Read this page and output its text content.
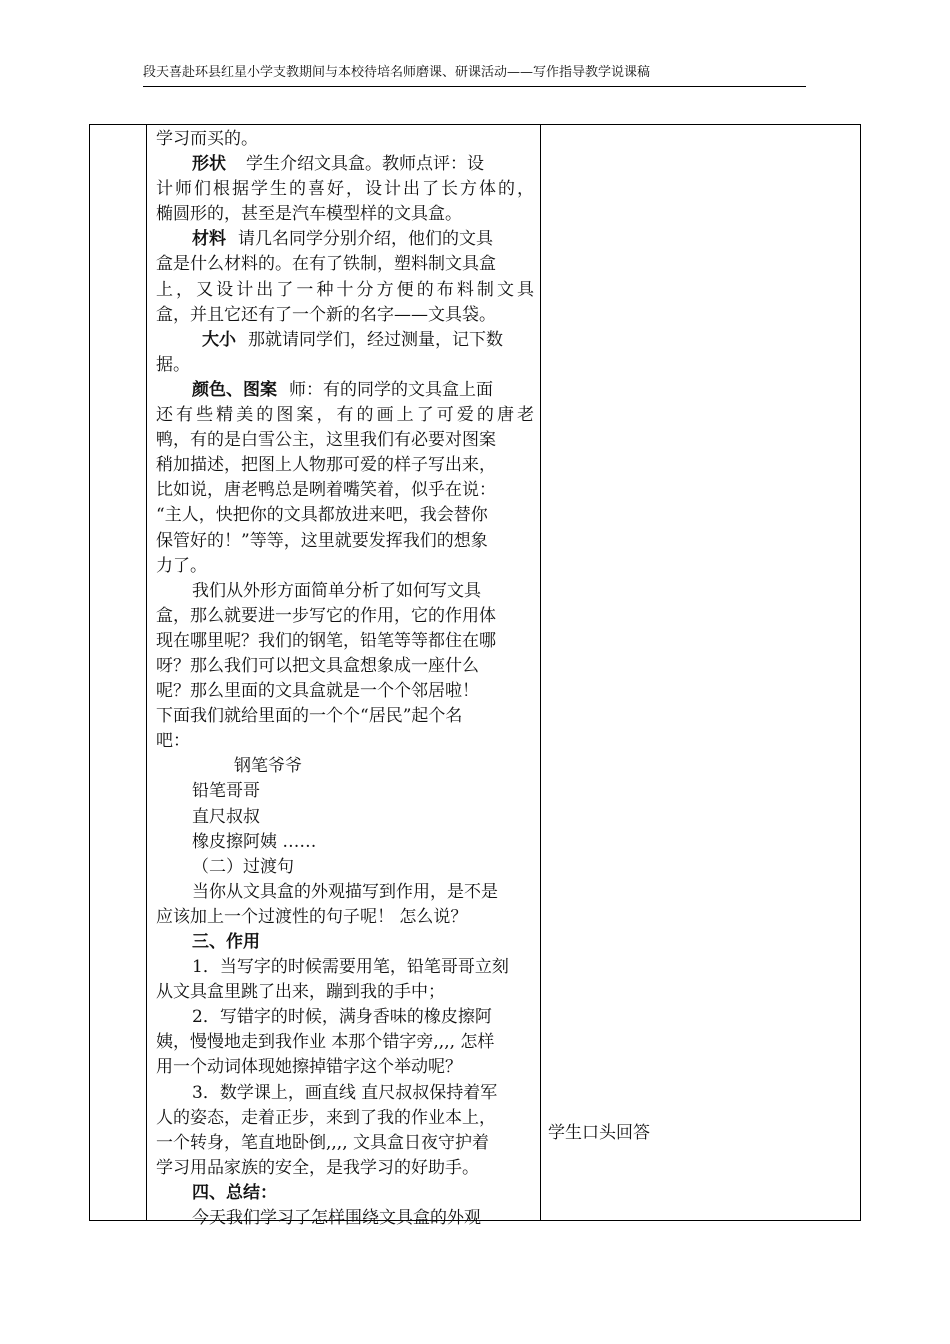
段天喜赴环县红星小学支教期间与本校待培名师磨课、研课活动——写作指导教学说课稿
学习而买的。
形状 学生介绍文具盒。教师点评：设
计师们根据学生的喜好，设计出了长方体的，
椭圆形的，甚至是汽车模型样的文具盒。
材料 请几名同学分别介绍，他们的文具
盒是什么材料的。在有了铁制，塑料制文具盒
上，又设计出了一种十分方便的布料制文具
盒，并且它还有了一个新的名字——文具袋。
大小 那就请同学们，经过测量，记下数
据。
颜色、图案 师：有的同学的文具盒上面
还有些精美的图案，有的画上了可爱的唐老
鸭，有的是白雪公主，这里我们有必要对图案
稍加描述，把图上人物那可爱的样子写出来，
比如说，唐老鸭总是咧着嘴笑着，似乎在说：
“主人，快把你的文具都放进来吧，我会替你
保管好的！”等等，这里就要发挥我们的想象
力了。
我们从外形方面简单分析了如何写文具
盒，那么就要进一步写它的作用，它的作用体
现在哪里呢？我们的钢笔，铅笔等等都住在哪
呀？那么我们可以把文具盒想象成一座什么
呢？那么里面的文具盒就是一个个邻居啦！
下面我们就给里面的一个个“居民”起个名
吧：
钢笔爷爷
铅笔哥哥
直尺叔叔
橡皮擦阿姨 ……
（二）过渡句
当你从文具盒的外观描写到作用，是不是
应该加上一个过渡性的句子呢！ 怎么说？
三、作用
1．当写字的时候需要用笔，铅笔哥哥立刻
从文具盒里跳了出来，蹦到我的手中；
2．写错字的时候，满身香味的橡皮擦阿
姨，慢慢地走到我作业 本那个错字旁,,,, 怎样
用一个动词体现她擦掉错字这个举动呢？
3．数学课上，画直线 直尺叔叔保持着军
人的姿态，走着正步，来到了我的作业本上，
一个转身，笔直地卧倒,,,, 文具盒日夜守护着
学习用品家族的安全，是我学习的好助手。
四、总结：
今天我们学习了怎样围绕文具盒的外观
学生口头回答
